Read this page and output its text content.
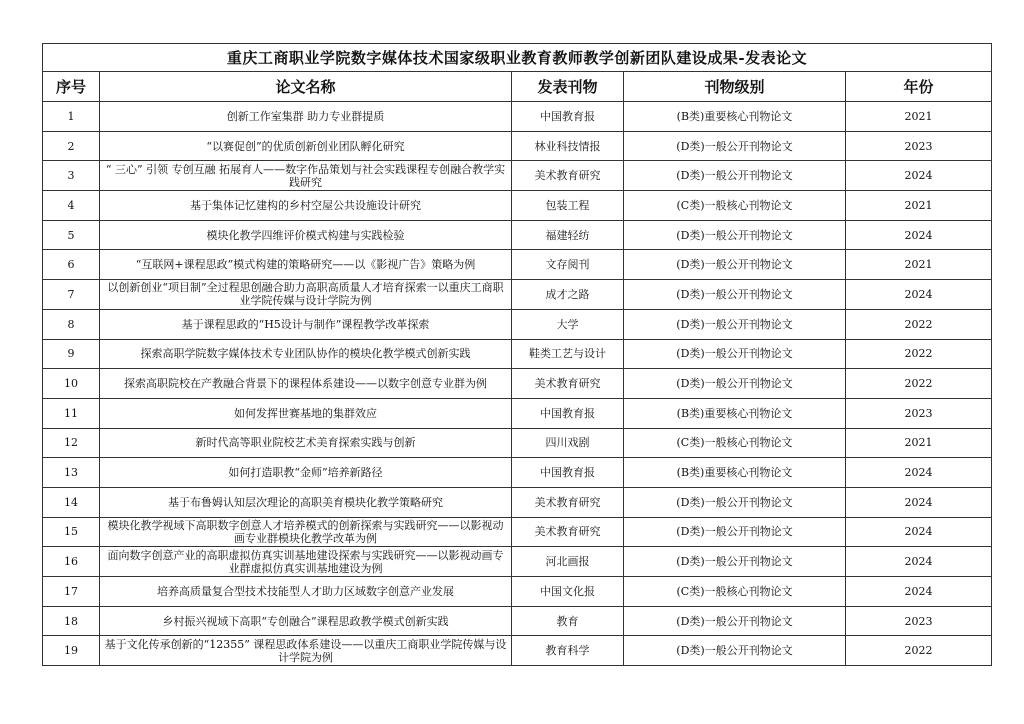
重庆工商职业学院数字媒体技术国家级职业教育教师教学创新团队建设成果-发表论文				
序号	论文名称	发表刊物	刊物级别	年份
1	创新工作室集群 助力专业群提质	中国教育报	(B类)重要核心刊物论文	2021
2	“以赛促创”的优质创新创业团队孵化研究	林业科技情报	(D类)一般公开刊物论文	2023
3	“ 三心” 引领 专创互融 拓展育人——数字作品策划与社会实践课程专创融合教学实践研究	美术教育研究	(D类)一般公开刊物论文	2024
4	基于集体记忆建构的乡村空屋公共设施设计研究	包装工程	(C类)一般核心刊物论文	2021
5	模块化教学四维评价模式构建与实践检验	福建轻纺	(D类)一般公开刊物论文	2024
6	“互联网+课程思政”模式构建的策略研究——以《影视广告》策略为例	文存阅刊	(D类)一般公开刊物论文	2021
7	以创新创业“项目制”全过程思创融合助力高职高质量人才培育探索一以重庆工商职业学院传媒与设计学院为例	成才之路	(D类)一般公开刊物论文	2024
8	基于课程思政的“H5设计与制作”课程教学改革探索	大学	(D类)一般公开刊物论文	2022
9	探索高职学院数字媒体技术专业团队协作的模块化教学模式创新实践	鞋类工艺与设计	(D类)一般公开刊物论文	2022
10	探索高职院校在产教融合背景下的课程体系建设——以数字创意专业群为例	美术教育研究	(D类)一般公开刊物论文	2022
11	如何发挥世赛基地的集群效应	中国教育报	(B类)重要核心刊物论文	2023
12	新时代高等职业院校艺术美育探索实践与创新	四川戏剧	(C类)一般核心刊物论文	2021
13	如何打造职教“金师”培养新路径	中国教育报	(B类)重要核心刊物论文	2024
14	基于布鲁姆认知层次理论的高职美育模块化教学策略研究	美术教育研究	(D类)一般公开刊物论文	2024
15	模块化教学视域下高职数字创意人才培养模式的创新探索与实践研究——以影视动画专业群模块化教学改革为例	美术教育研究	(D类)一般公开刊物论文	2024
16	面向数字创意产业的高职虚拟仿真实训基地建设探索与实践研究——以影视动画专业群虚拟仿真实训基地建设为例	河北画报	(D类)一般公开刊物论文	2024
17	培养高质量复合型技术技能型人才助力区域数字创意产业发展	中国文化报	(C类)一般核心刊物论文	2024
18	乡村振兴视域下高职“专创融合”课程思政教学模式创新实践	教育	(D类)一般公开刊物论文	2023
19	基于文化传承创新的“12355” 课程思政体系建设——以重庆工商职业学院传媒与设计学院为例	教育科学	(D类)一般公开刊物论文	2022
